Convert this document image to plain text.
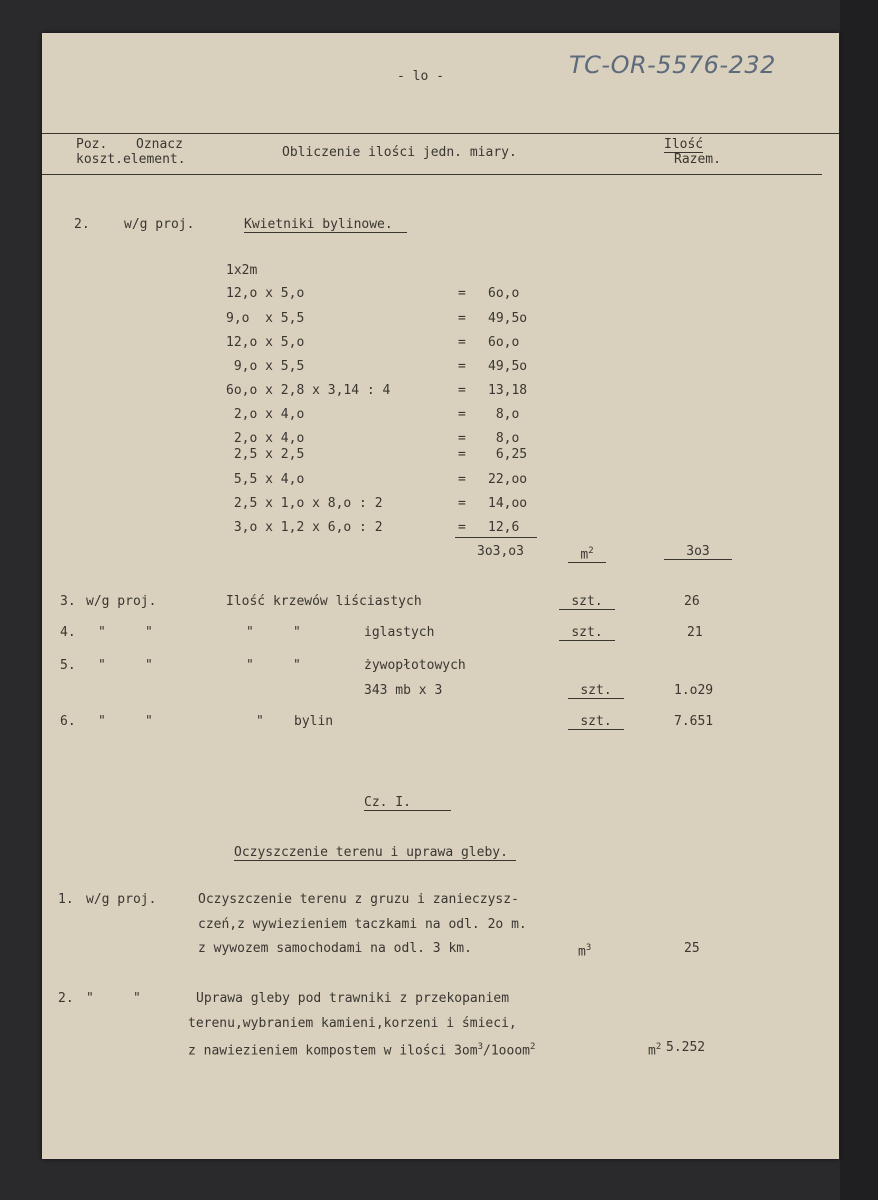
TC-OR-5576-232
- lo -
Poz. Oznacz
koszt.element.	Obliczenie ilości jedn. miary.
Ilość
Razem.
2.	w/g proj.	Kwietniki bylinowe.
1x2m
12,o x 5,o	= 6o,o
9,o  x 5,5	= 49,5o
12,o x 5,o	= 6o,o
9,o x 5,5	= 49,5o
6o,o x 2,8 x 3,14 : 4	= 13,18
2,o x 4,o	= 8,o
2,o x 4,o	= 8,o
2,5 x 2,5	= 6,25
5,5 x 4,o	= 22,oo
2,5 x 1,o x 8,o : 2	= 14,oo
3,o x 1,2 x 6,o : 2	= 12,6
3o3,o3	$m^2$	3o3
3. w/g proj.	Ilość krzewów liściastych	szt.	26
4. "     "	"     "	iglastych	szt.	21
5. "     "	"     "	żywopłotowych
343 mb x 3	szt.	1.o29
6. "     "	" bylin	szt.	7.651
Cz. I.
Oczyszczenie terenu i uprawa gleby.
1. w/g proj.	Oczyszczenie terenu z gruzu i zanieczysz-
czeń,z wywiezieniem taczkami na odl. 2o m.
z wywozem samochodami na odl. 3 km.	$m^3$	25
2. "     "	Uprawa gleby pod trawniki z przekopaniem
terenu,wybraniem kamieni,korzeni i śmieci,
z nawiezieniem kompostem w ilości $3om^3/1ooom^2$	$m^2$ 5.252
